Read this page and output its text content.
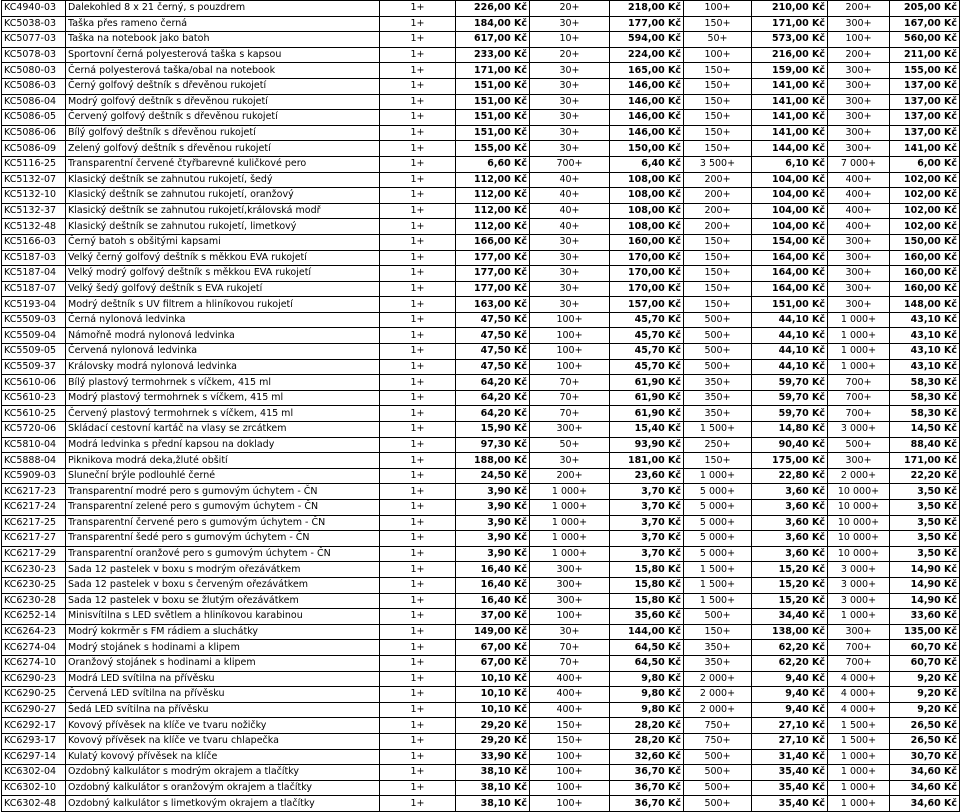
KC4940-03	Dalekohled 8 x 21 černý, s pouzdrem	1+	226,00 Kč	20+	218,00 Kč	100+	210,00 Kč	200+	205,00 Kč
KC5038-03	Taška přes rameno černá	1+	184,00 Kč	30+	177,00 Kč	150+	171,00 Kč	300+	167,00 Kč
KC5077-03	Taška na notebook jako batoh	1+	617,00 Kč	10+	594,00 Kč	50+	573,00 Kč	100+	560,00 Kč
KC5078-03	Sportovní černá polyesterová taška s kapsou	1+	233,00 Kč	20+	224,00 Kč	100+	216,00 Kč	200+	211,00 Kč
KC5080-03	Černá polyesterová taška/obal na notebook	1+	171,00 Kč	30+	165,00 Kč	150+	159,00 Kč	300+	155,00 Kč
KC5086-03	Černý golfový deštník s dřevěnou rukojetí	1+	151,00 Kč	30+	146,00 Kč	150+	141,00 Kč	300+	137,00 Kč
KC5086-04	Modrý golfový deštník s dřevěnou rukojetí	1+	151,00 Kč	30+	146,00 Kč	150+	141,00 Kč	300+	137,00 Kč
KC5086-05	Červený golfový deštník s dřevěnou rukojetí	1+	151,00 Kč	30+	146,00 Kč	150+	141,00 Kč	300+	137,00 Kč
KC5086-06	Bílý golfový deštník s dřevěnou rukojetí	1+	151,00 Kč	30+	146,00 Kč	150+	141,00 Kč	300+	137,00 Kč
KC5086-09	Zelený golfový deštník s dřevěnou rukojetí	1+	155,00 Kč	30+	150,00 Kč	150+	144,00 Kč	300+	141,00 Kč
KC5116-25	Transparentní červené čtyřbarevné kuličkové pero	1+	6,60 Kč	700+	6,40 Kč	3 500+	6,10 Kč	7 000+	6,00 Kč
KC5132-07	Klasický deštník se zahnutou rukojetí, šedý	1+	112,00 Kč	40+	108,00 Kč	200+	104,00 Kč	400+	102,00 Kč
KC5132-10	Klasický deštník se zahnutou rukojetí, oranžový	1+	112,00 Kč	40+	108,00 Kč	200+	104,00 Kč	400+	102,00 Kč
KC5132-37	Klasický deštník se zahnutou rukojetí,královská modř	1+	112,00 Kč	40+	108,00 Kč	200+	104,00 Kč	400+	102,00 Kč
KC5132-48	Klasický deštník se zahnutou rukojetí, limetkový	1+	112,00 Kč	40+	108,00 Kč	200+	104,00 Kč	400+	102,00 Kč
KC5166-03	Černý batoh s obšitými kapsami	1+	166,00 Kč	30+	160,00 Kč	150+	154,00 Kč	300+	150,00 Kč
KC5187-03	Velký černý golfový deštník s měkkou EVA rukojetí	1+	177,00 Kč	30+	170,00 Kč	150+	164,00 Kč	300+	160,00 Kč
KC5187-04	Velký modrý golfový deštník s měkkou EVA rukojetí	1+	177,00 Kč	30+	170,00 Kč	150+	164,00 Kč	300+	160,00 Kč
KC5187-07	Velký šedý golfový deštník s EVA rukojetí	1+	177,00 Kč	30+	170,00 Kč	150+	164,00 Kč	300+	160,00 Kč
KC5193-04	Modrý deštník s UV filtrem a hliníkovou rukojetí	1+	163,00 Kč	30+	157,00 Kč	150+	151,00 Kč	300+	148,00 Kč
KC5509-03	Černá nylonová ledvinka	1+	47,50 Kč	100+	45,70 Kč	500+	44,10 Kč	1 000+	43,10 Kč
KC5509-04	Námořně modrá nylonová ledvinka	1+	47,50 Kč	100+	45,70 Kč	500+	44,10 Kč	1 000+	43,10 Kč
KC5509-05	Červená nylonová ledvinka	1+	47,50 Kč	100+	45,70 Kč	500+	44,10 Kč	1 000+	43,10 Kč
KC5509-37	Královsky modrá nylonová ledvinka	1+	47,50 Kč	100+	45,70 Kč	500+	44,10 Kč	1 000+	43,10 Kč
KC5610-06	Bílý plastový termohrnek s víčkem, 415 ml	1+	64,20 Kč	70+	61,90 Kč	350+	59,70 Kč	700+	58,30 Kč
KC5610-23	Modrý plastový termohrnek s víčkem, 415 ml	1+	64,20 Kč	70+	61,90 Kč	350+	59,70 Kč	700+	58,30 Kč
KC5610-25	Červený plastový termohrnek s víčkem, 415 ml	1+	64,20 Kč	70+	61,90 Kč	350+	59,70 Kč	700+	58,30 Kč
KC5720-06	Skládací cestovní kartáč na vlasy se zrcátkem	1+	15,90 Kč	300+	15,40 Kč	1 500+	14,80 Kč	3 000+	14,50 Kč
KC5810-04	Modrá ledvinka s přední kapsou na doklady	1+	97,30 Kč	50+	93,90 Kč	250+	90,40 Kč	500+	88,40 Kč
KC5888-04	Piknikova modrá deka,žluté obšití	1+	188,00 Kč	30+	181,00 Kč	150+	175,00 Kč	300+	171,00 Kč
KC5909-03	Sluneční brýle podlouhlé černé	1+	24,50 Kč	200+	23,60 Kč	1 000+	22,80 Kč	2 000+	22,20 Kč
KC6217-23	Transparentní modré pero s gumovým úchytem - ČN	1+	3,90 Kč	1 000+	3,70 Kč	5 000+	3,60 Kč	10 000+	3,50 Kč
KC6217-24	Transparentní zelené pero s gumovým úchytem - ČN	1+	3,90 Kč	1 000+	3,70 Kč	5 000+	3,60 Kč	10 000+	3,50 Kč
KC6217-25	Transparentní červené pero s gumovým úchytem - ČN	1+	3,90 Kč	1 000+	3,70 Kč	5 000+	3,60 Kč	10 000+	3,50 Kč
KC6217-27	Transparentní šedé pero s gumovým úchytem - ČN	1+	3,90 Kč	1 000+	3,70 Kč	5 000+	3,60 Kč	10 000+	3,50 Kč
KC6217-29	Transparentní oranžové pero s gumovým úchytem - ČN	1+	3,90 Kč	1 000+	3,70 Kč	5 000+	3,60 Kč	10 000+	3,50 Kč
KC6230-23	Sada 12 pastelek v boxu s modrým ořezávátkem	1+	16,40 Kč	300+	15,80 Kč	1 500+	15,20 Kč	3 000+	14,90 Kč
KC6230-25	Sada 12 pastelek v boxu s červeným ořezávátkem	1+	16,40 Kč	300+	15,80 Kč	1 500+	15,20 Kč	3 000+	14,90 Kč
KC6230-28	Sada 12 pastelek v boxu se žlutým ořezávátkem	1+	16,40 Kč	300+	15,80 Kč	1 500+	15,20 Kč	3 000+	14,90 Kč
KC6252-14	Minisvítilna s LED světlem a hliníkovou karabinou	1+	37,00 Kč	100+	35,60 Kč	500+	34,40 Kč	1 000+	33,60 Kč
KC6264-23	Modrý kokrměr s FM rádiem a sluchátky	1+	149,00 Kč	30+	144,00 Kč	150+	138,00 Kč	300+	135,00 Kč
KC6274-04	Modrý stojánek s hodinami a klipem	1+	67,00 Kč	70+	64,50 Kč	350+	62,20 Kč	700+	60,70 Kč
KC6274-10	Oranžový stojánek s hodinami a klipem	1+	67,00 Kč	70+	64,50 Kč	350+	62,20 Kč	700+	60,70 Kč
KC6290-23	Modrá LED svítilna na přívěsku	1+	10,10 Kč	400+	9,80 Kč	2 000+	9,40 Kč	4 000+	9,20 Kč
KC6290-25	Červená LED svítilna na přívěsku	1+	10,10 Kč	400+	9,80 Kč	2 000+	9,40 Kč	4 000+	9,20 Kč
KC6290-27	Šedá LED svítilna na přívěsku	1+	10,10 Kč	400+	9,80 Kč	2 000+	9,40 Kč	4 000+	9,20 Kč
KC6292-17	Kovový přívěsek na klíče ve tvaru nožičky	1+	29,20 Kč	150+	28,20 Kč	750+	27,10 Kč	1 500+	26,50 Kč
KC6293-17	Kovový přívěsek na klíče ve tvaru chlapečka	1+	29,20 Kč	150+	28,20 Kč	750+	27,10 Kč	1 500+	26,50 Kč
KC6297-14	Kulatý kovový přívěsek na klíče	1+	33,90 Kč	100+	32,60 Kč	500+	31,40 Kč	1 000+	30,70 Kč
KC6302-04	Ozdobný kalkulátor s modrým okrajem a tlačítky	1+	38,10 Kč	100+	36,70 Kč	500+	35,40 Kč	1 000+	34,60 Kč
KC6302-10	Ozdobný kalkulátor s oranžovým okrajem a tlačítky	1+	38,10 Kč	100+	36,70 Kč	500+	35,40 Kč	1 000+	34,60 Kč
KC6302-48	Ozdobný kalkulátor s limetkovým okrajem a tlačítky	1+	38,10 Kč	100+	36,70 Kč	500+	35,40 Kč	1 000+	34,60 Kč
